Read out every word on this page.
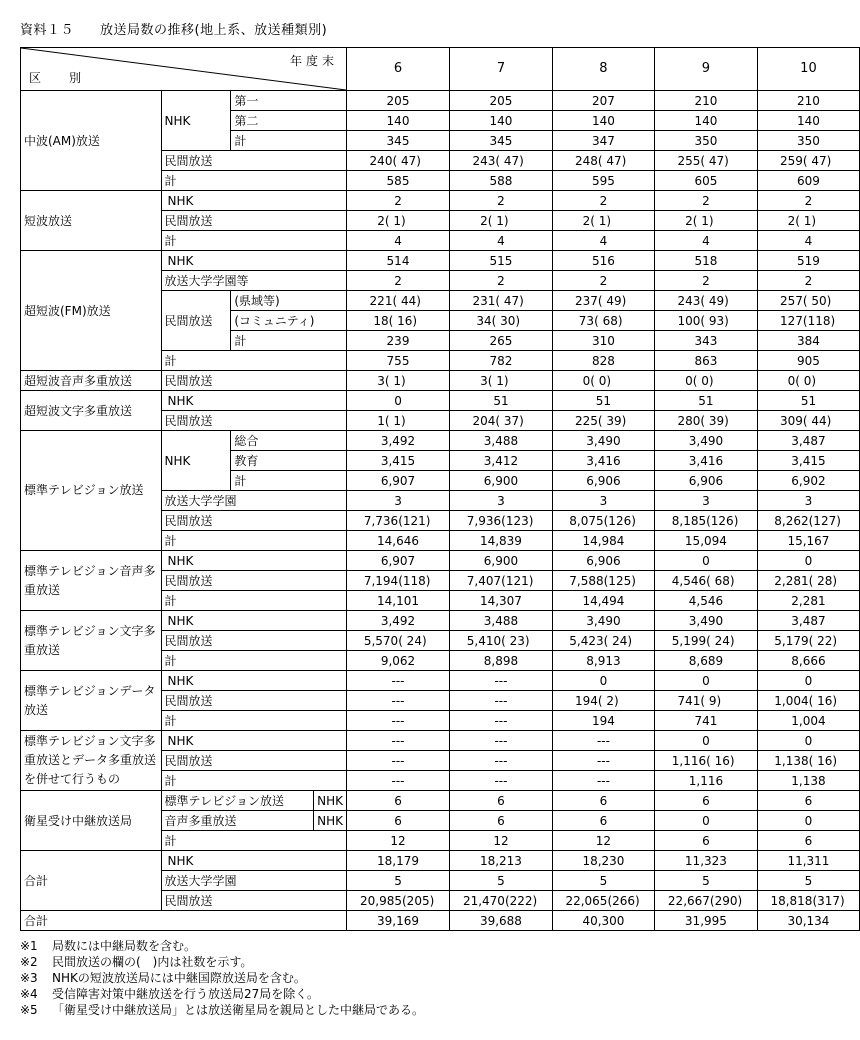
資料１５ 放送局数の推移(地上系、放送種類別)
区　別
年度末				6	7	8	9	10
中波(AM)放送	NHK	第一		205	205	207	210	210
		第二		140	140	140	140	140
		計		345	345	347	350	350
	民間放送			240( 47)	243( 47)	248( 47)	255( 47)	259( 47)
	計			585	588	595	605	609
短波放送	NHK			2	2	2	2	2
	民間放送			2( 1)	2( 1)	2( 1)	2( 1)	2( 1)
	計			4	4	4	4	4
超短波(FM)放送	NHK			514	515	516	518	519
	放送大学学園等			2	2	2	2	2
	民間放送	(県域等)		221( 44)	231( 47)	237( 49)	243( 49)	257( 50)
		(コミュニティ)		18( 16)	34( 30)	73( 68)	100( 93)	127(118)
		計		239	265	310	343	384
	計			755	782	828	863	905
超短波音声多重放送	民間放送			3( 1)	3( 1)	0( 0)	0( 0)	0( 0)
超短波文字多重放送	NHK			0	51	51	51	51
	民間放送			1( 1)	204( 37)	225( 39)	280( 39)	309( 44)
標準テレビジョン放送	NHK	総合		3,492	3,488	3,490	3,490	3,487
		教育		3,415	3,412	3,416	3,416	3,415
		計		6,907	6,900	6,906	6,906	6,902
	放送大学学園			3	3	3	3	3
	民間放送			7,736(121)	7,936(123)	8,075(126)	8,185(126)	8,262(127)
	計			14,646	14,839	14,984	15,094	15,167
標準テレビジョン音声多重放送	NHK			6,907	6,900	6,906	0	0
	民間放送			7,194(118)	7,407(121)	7,588(125)	4,546( 68)	2,281( 28)
	計			14,101	14,307	14,494	4,546	2,281
標準テレビジョン文字多重放送	NHK			3,492	3,488	3,490	3,490	3,487
	民間放送			5,570( 24)	5,410( 23)	5,423( 24)	5,199( 24)	5,179( 22)
	計			9,062	8,898	8,913	8,689	8,666
標準テレビジョンデータ放送	NHK			---	---	0	0	0
	民間放送			---	---	194( 2)	741( 9)	1,004( 16)
	計			---	---	194	741	1,004
標準テレビジョン文字多重放送とデータ多重放送を併せて行うもの	NHK			---	---	---	0	0
	民間放送			---	---	---	1,116( 16)	1,138( 16)
	計			---	---	---	1,116	1,138
衛星受け中継放送局	標準テレビジョン放送		NHK	6	6	6	6	6
	音声多重放送		NHK	6	6	6	0	0
	計			12	12	12	6	6
合計	NHK			18,179	18,213	18,230	11,323	11,311
	放送大学学園			5	5	5	5	5
	民間放送			20,985(205)	21,470(222)	22,065(266)	22,667(290)	18,818(317)
合計				39,169	39,688	40,300	31,995	30,134
※1 局数には中継局数を含む。
※2 民間放送の欄の(　)内は社数を示す。
※3 NHKの短波放送局には中継国際放送局を含む。
※4 受信障害対策中継放送を行う放送局27局を除く。
※5 「衛星受け中継放送局」とは放送衛星局を親局とした中継局である。
